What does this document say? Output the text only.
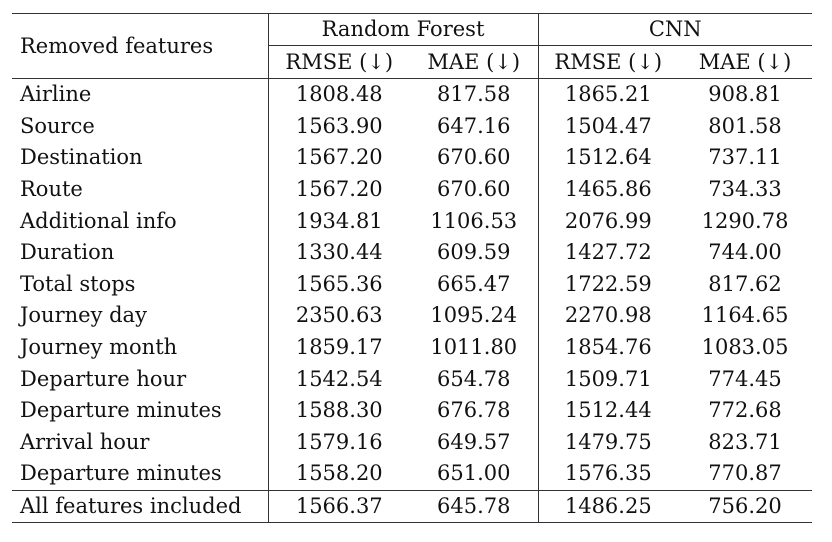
Removed features	Random Forest		CNN	
	RMSE (↓)	MAE (↓)	RMSE (↓)	MAE (↓)
Airline	1808.48	817.58	1865.21	908.81
Source	1563.90	647.16	1504.47	801.58
Destination	1567.20	670.60	1512.64	737.11
Route	1567.20	670.60	1465.86	734.33
Additional info	1934.81	1106.53	2076.99	1290.78
Duration	1330.44	609.59	1427.72	744.00
Total stops	1565.36	665.47	1722.59	817.62
Journey day	2350.63	1095.24	2270.98	1164.65
Journey month	1859.17	1011.80	1854.76	1083.05
Departure hour	1542.54	654.78	1509.71	774.45
Departure minutes	1588.30	676.78	1512.44	772.68
Arrival hour	1579.16	649.57	1479.75	823.71
Departure minutes	1558.20	651.00	1576.35	770.87
All features included	1566.37	645.78	1486.25	756.20
